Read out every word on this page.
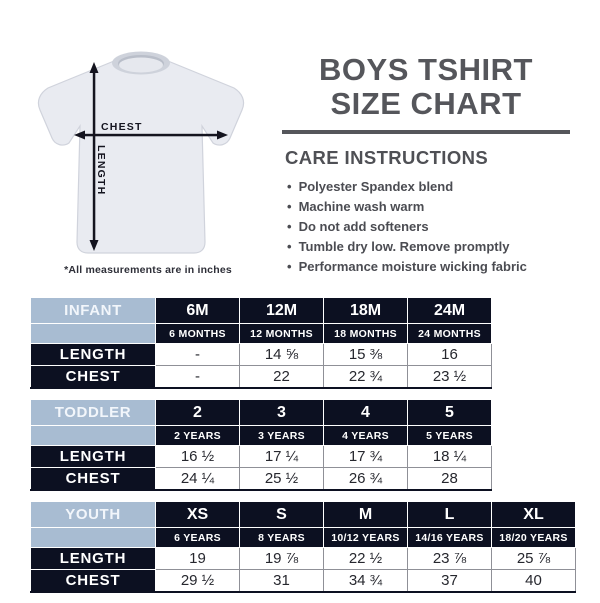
CHEST
LENGTH
*All measurements are in inches
BOYS TSHIRT
SIZE CHART
CARE INSTRUCTIONS
• Polyester Spandex blend
• Machine wash warm
• Do not add softeners
• Tumble dry low. Remove promptly
• Performance moisture wicking fabric
INFANT	6M	12M	18M	24M
	6 MONTHS	12 MONTHS	18 MONTHS	24 MONTHS
LENGTH	-	14 ⅝	15 ⅜	16
CHEST	-	22	22 ¾	23 ½
TODDLER	2	3	4	5
	2 YEARS	3 YEARS	4 YEARS	5 YEARS
LENGTH	16 ½	17 ¼	17 ¾	18 ¼
CHEST	24 ¼	25 ½	26 ¾	28
YOUTH	XS	S	M	L	XL
	6 YEARS	8 YEARS	10/12 YEARS	14/16 YEARS	18/20 YEARS
LENGTH	19	19 ⅞	22 ½	23 ⅞	25 ⅞
CHEST	29 ½	31	34 ¾	37	40
